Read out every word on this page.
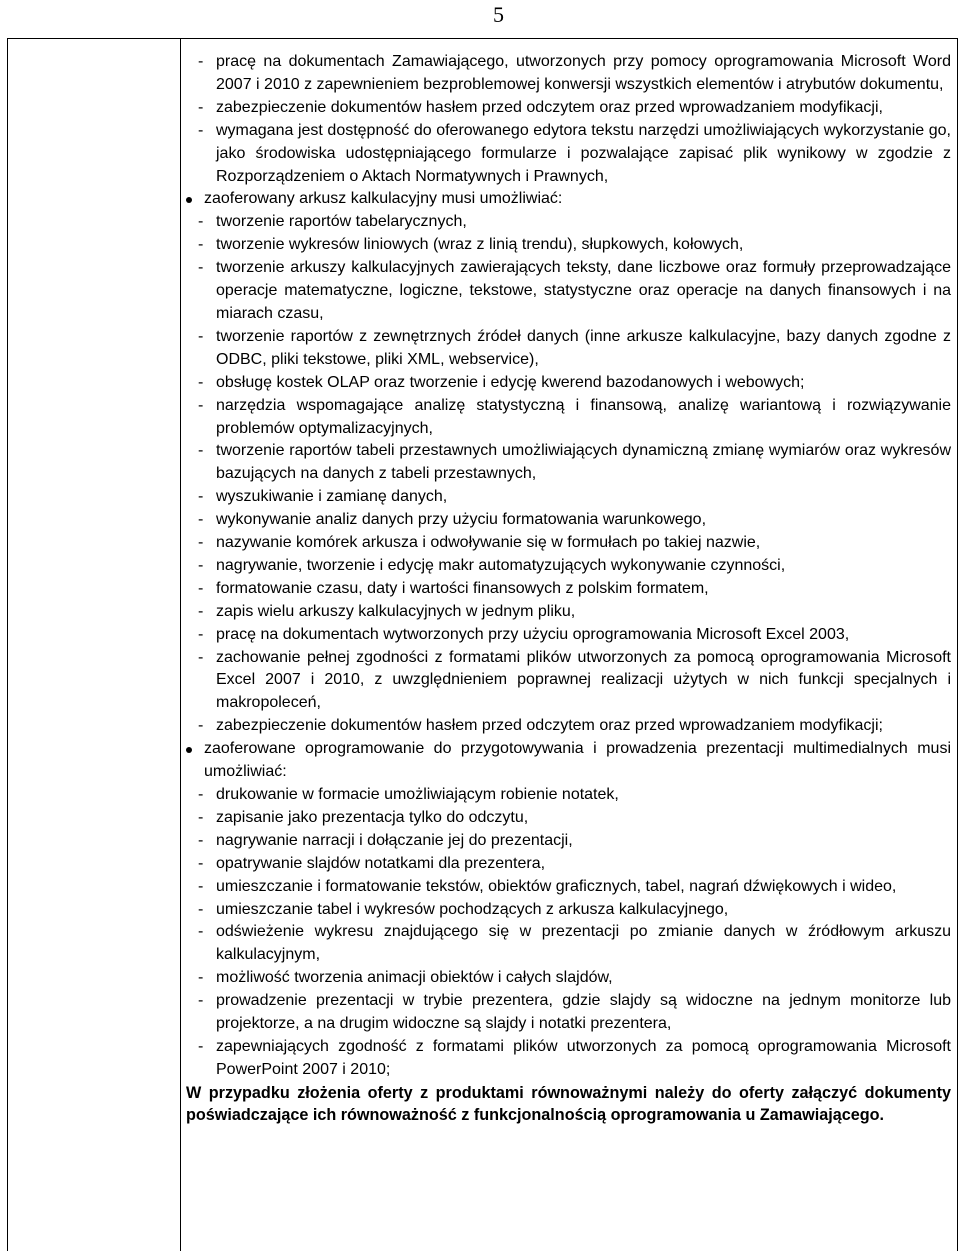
5
- pracę na dokumentach Zamawiającego, utworzonych przy pomocy oprogramowania Microsoft Word 2007 i 2010 z zapewnieniem bezproblemowej konwersji wszystkich elementów i atrybutów dokumentu,
- zabezpieczenie dokumentów hasłem przed odczytem oraz przed wprowadzaniem modyfikacji,
- wymagana jest dostępność do oferowanego edytora tekstu narzędzi umożliwiających wykorzystanie go, jako środowiska udostępniającego formularze i pozwalające zapisać plik wynikowy w zgodzie z Rozporządzeniem o Aktach Normatywnych i Prawnych,
zaoferowany arkusz kalkulacyjny musi umożliwiać:
- tworzenie raportów tabelarycznych,
- tworzenie wykresów liniowych (wraz z linią trendu), słupkowych, kołowych,
- tworzenie arkuszy kalkulacyjnych zawierających teksty, dane liczbowe oraz formuły przeprowadzające operacje matematyczne, logiczne, tekstowe, statystyczne oraz operacje na danych finansowych i na miarach czasu,
- tworzenie raportów z zewnętrznych źródeł danych (inne arkusze kalkulacyjne, bazy danych zgodne z ODBC, pliki tekstowe, pliki XML, webservice),
- obsługę kostek OLAP oraz tworzenie i edycję kwerend bazodanowych i webowych;
- narzędzia wspomagające analizę statystyczną i finansową, analizę wariantową i rozwiązywanie problemów optymalizacyjnych,
- tworzenie raportów tabeli przestawnych umożliwiających dynamiczną zmianę wymiarów oraz wykresów bazujących na danych z tabeli przestawnych,
- wyszukiwanie i zamianę danych,
- wykonywanie analiz danych przy użyciu formatowania warunkowego,
- nazywanie komórek arkusza i odwoływanie się w formułach po takiej nazwie,
- nagrywanie, tworzenie i edycję makr automatyzujących wykonywanie czynności,
- formatowanie czasu, daty i wartości finansowych z polskim formatem,
- zapis wielu arkuszy kalkulacyjnych w jednym pliku,
- pracę na dokumentach wytworzonych przy użyciu oprogramowania Microsoft Excel 2003,
- zachowanie pełnej zgodności z formatami plików utworzonych za pomocą oprogramowania Microsoft Excel 2007 i 2010, z uwzględnieniem poprawnej realizacji użytych w nich funkcji specjalnych i makropoleceń,
- zabezpieczenie dokumentów hasłem przed odczytem oraz przed wprowadzaniem modyfikacji;
zaoferowane oprogramowanie do przygotowywania i prowadzenia prezentacji multimedialnych musi umożliwiać:
- drukowanie w formacie umożliwiającym robienie notatek,
- zapisanie jako prezentacja tylko do odczytu,
- nagrywanie narracji i dołączanie jej do prezentacji,
- opatrywanie slajdów notatkami dla prezentera,
- umieszczanie i formatowanie tekstów, obiektów graficznych, tabel, nagrań dźwiękowych i wideo,
- umieszczanie tabel i wykresów pochodzących z arkusza kalkulacyjnego,
- odświeżenie wykresu znajdującego się w prezentacji po zmianie danych w źródłowym arkuszu kalkulacyjnym,
- możliwość tworzenia animacji obiektów i całych slajdów,
- prowadzenie prezentacji w trybie prezentera, gdzie slajdy są widoczne na jednym monitorze lub projektorze, a na drugim widoczne są slajdy i notatki prezentera,
- zapewniających zgodność z formatami plików utworzonych za pomocą oprogramowania Microsoft PowerPoint 2007 i 2010;
W przypadku złożenia oferty z produktami równoważnymi należy do oferty załączyć dokumenty poświadczające ich równoważność z funkcjonalnością oprogramowania u Zamawiającego.
